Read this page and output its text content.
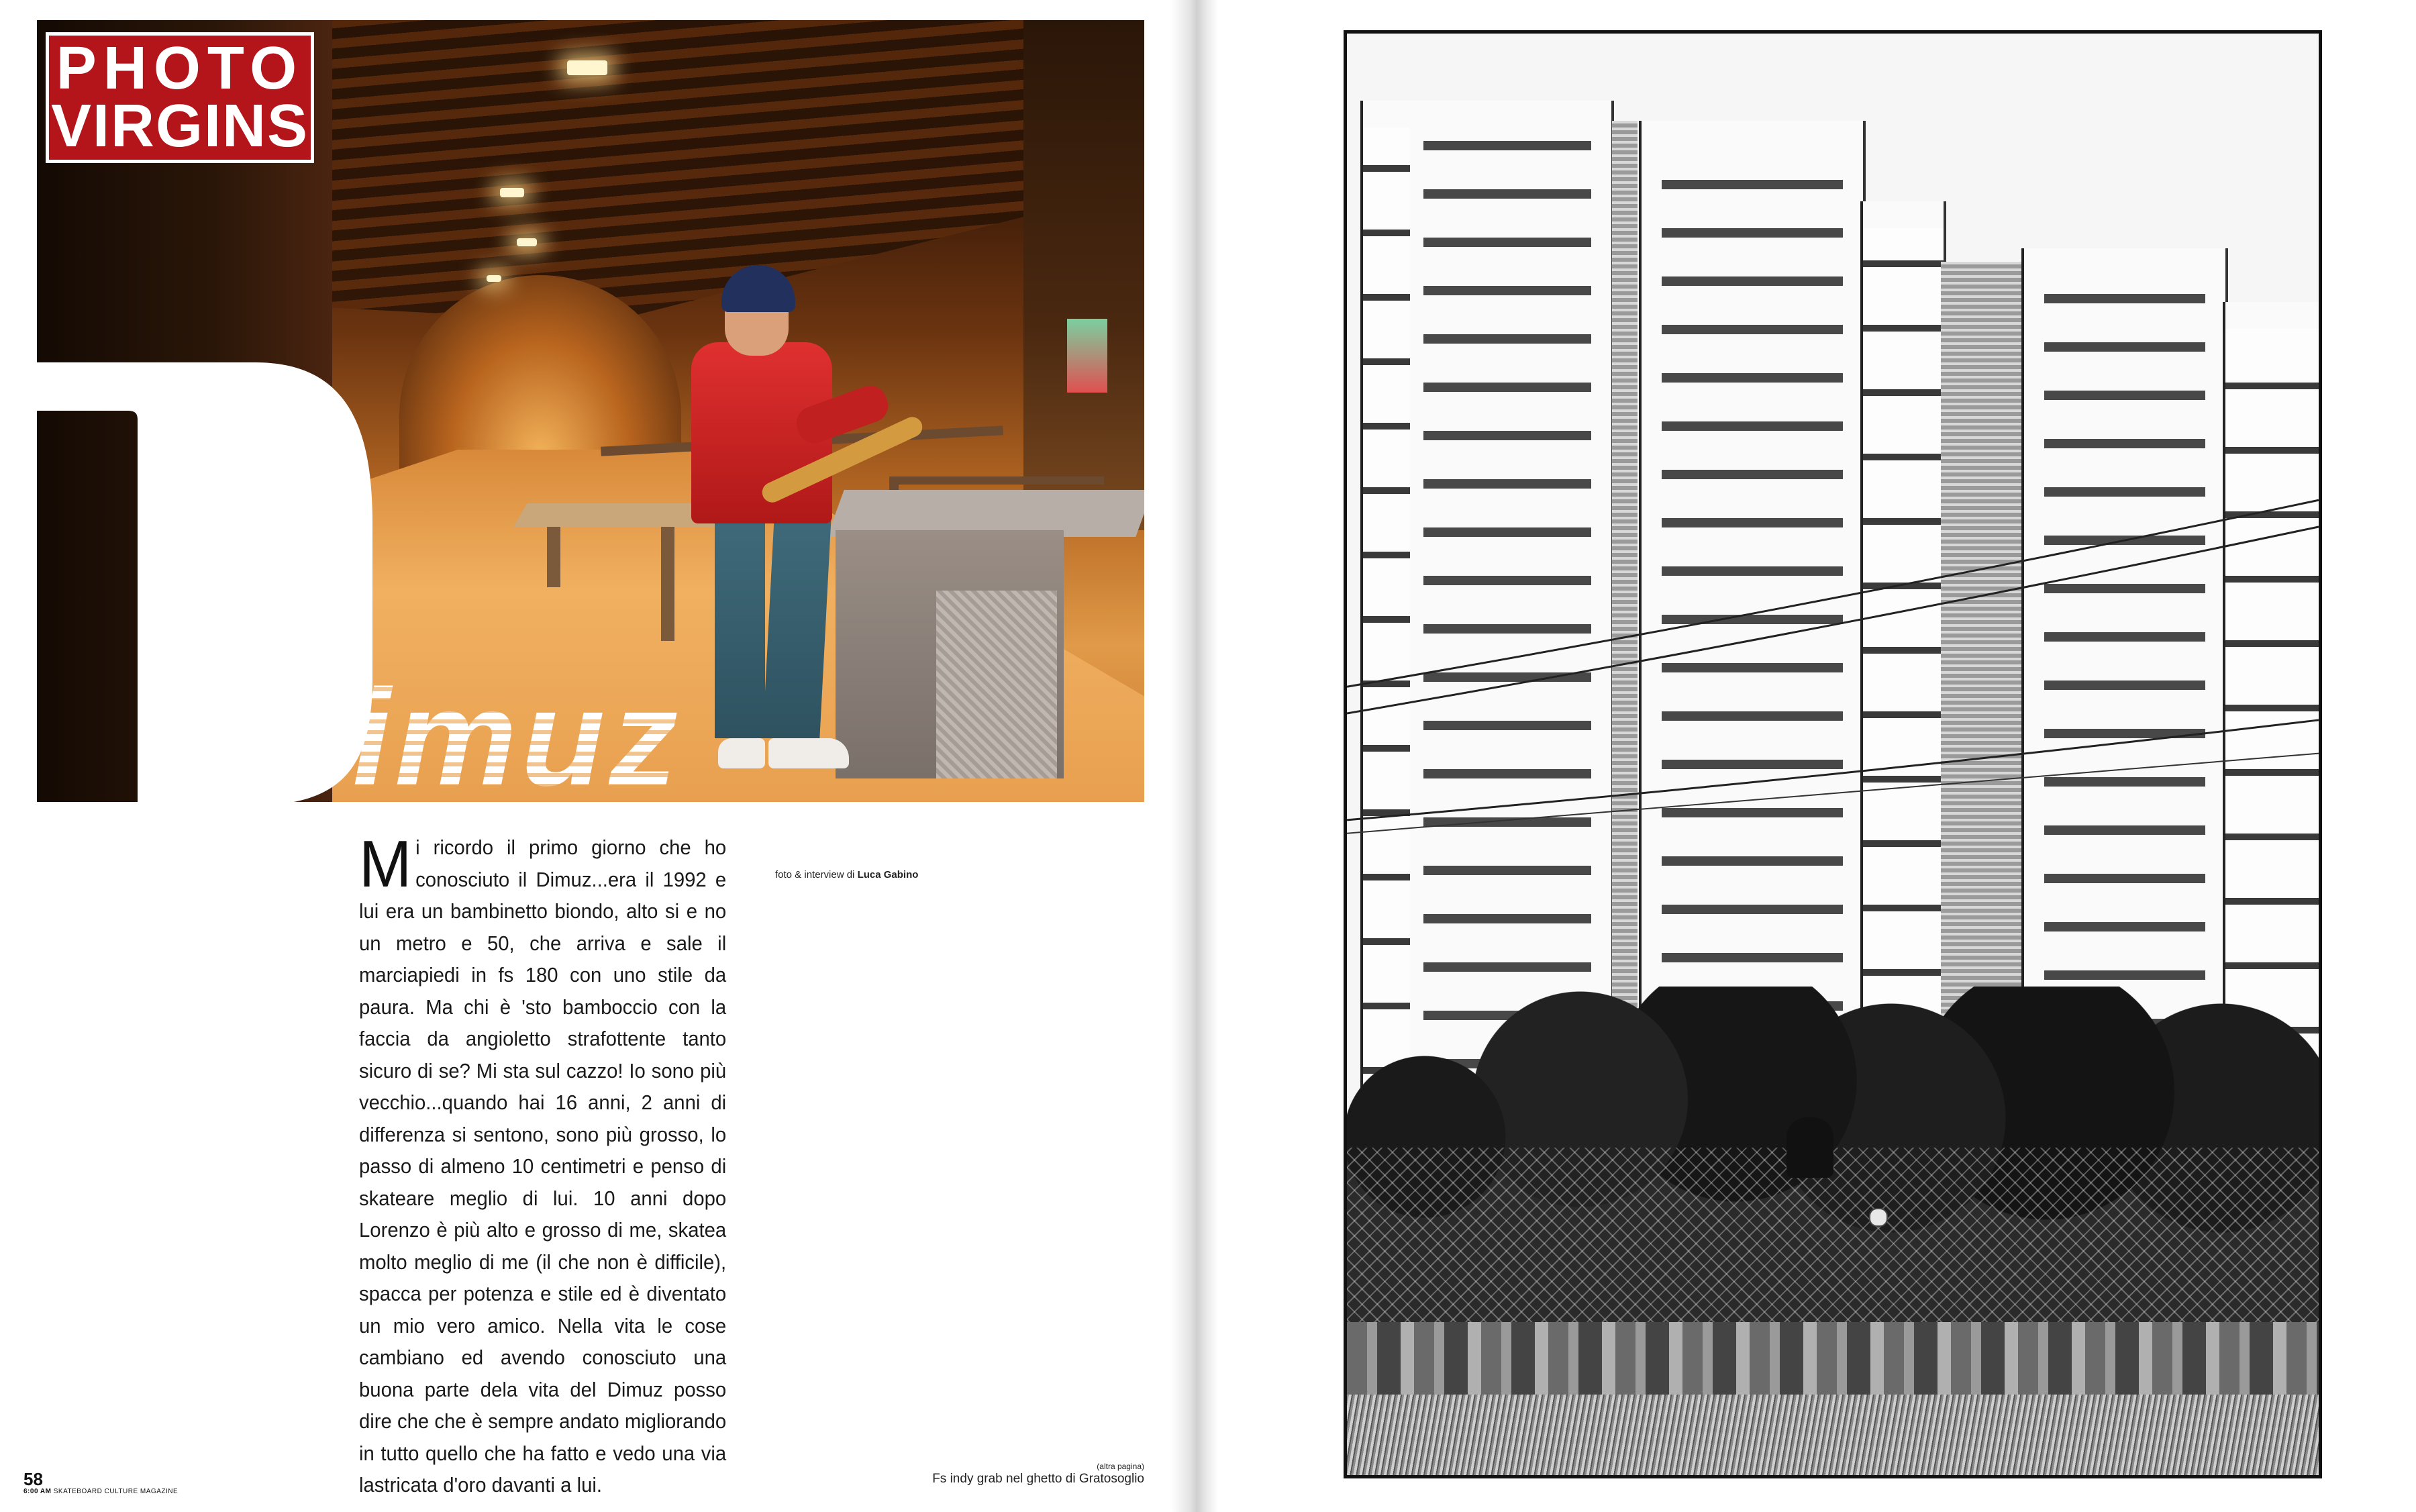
imuz
PHOTO
VIRGINS
Mi ricordo il primo giorno che ho conosciuto il Dimuz...era il 1992 e lui era un bambinetto biondo, alto si e no un metro e 50, che arriva e sale il marciapiedi in fs 180 con uno stile da paura. Ma chi è 'sto bamboccio con la faccia da angioletto strafottente tanto sicuro di se? Mi sta sul cazzo! Io sono più vecchio...quando hai 16 anni, 2 anni di differenza si sentono, sono più grosso, lo passo di almeno 10 centimetri e penso di skateare meglio di lui. 10 anni dopo Lorenzo è più alto e grosso di me, skatea molto meglio di me (il che non è difficile), spacca per potenza e stile ed è diventato un mio vero amico. Nella vita le cose cambiano ed avendo conosciuto una buona parte dela vita del Dimuz posso dire che che è sempre andato migliorando in tutto quello che ha fatto e vedo una via lastricata d'oro davanti a lui.
foto & interview di Luca Gabino
(altra pagina)
Fs indy grab nel ghetto di Gratosoglio
58
6:00 AM SKATEBOARD CULTURE MAGAZINE
